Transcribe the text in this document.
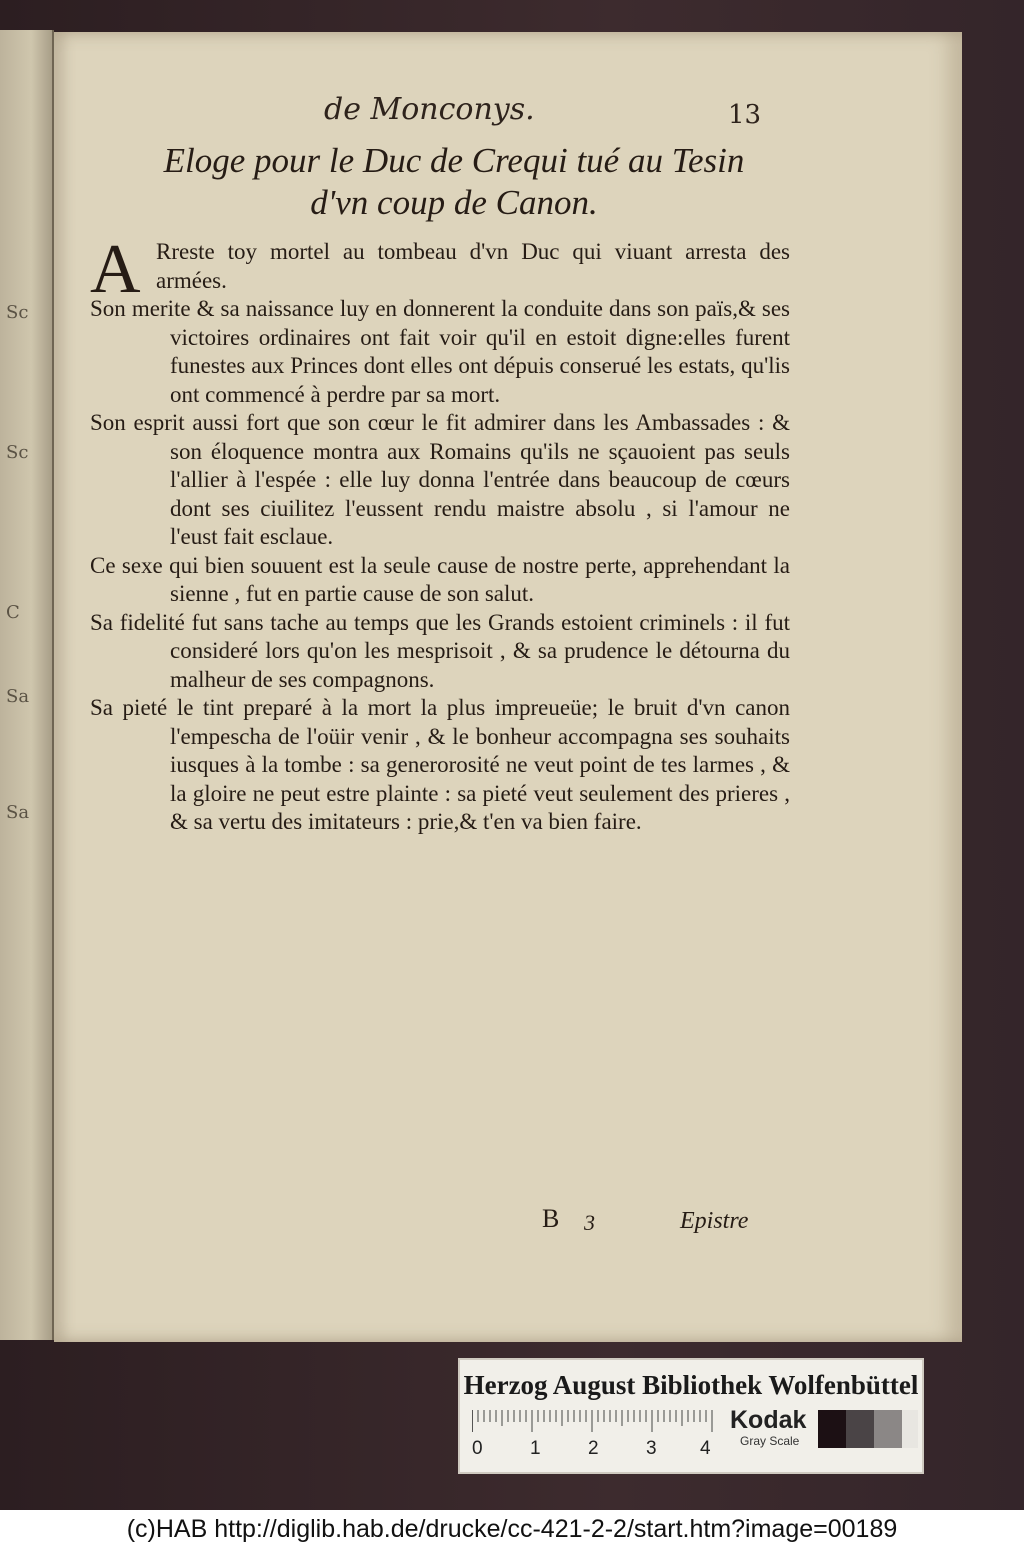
Sc
Sc
C
Sa
Sa
de Monconys.	13
Eloge pour le Duc de Crequi tué au Tesin
d'vn coup de Canon.

A Rreste toy mortel au tombeau d'vn Duc qui viuant arresta des armées.

Son merite & sa naissance luy en donnerent la conduite dans son païs,& ses victoires ordinaires ont fait voir qu'il en estoit digne:elles furent funestes aux Princes dont elles ont dépuis conserué les estats, qu'lis ont commencé à perdre par sa mort.

Son esprit aussi fort que son cœur le fit admirer dans les Ambassades : & son éloquence montra aux Romains qu'ils ne sçauoient pas seuls l'allier à l'espée : elle luy donna l'entrée dans beaucoup de cœurs dont ses ciuilitez l'eussent rendu maistre absolu , si l'amour ne l'eust fait esclaue.

Ce sexe qui bien souuent est la seule cause de nostre perte, apprehendant la sienne , fut en partie cause de son salut.

Sa fidelité fut sans tache au temps que les Grands estoient criminels : il fut consideré lors qu'on les mesprisoit , & sa prudence le détourna du malheur de ses compagnons.

Sa pieté le tint preparé à la mort la plus impreueüe; le bruit d'vn canon l'empescha de l'oüir venir , & le bonheur accompagna ses souhaits iusques à la tombe : sa generorosité ne veut point de tes larmes , & la gloire ne peut estre plainte : sa pieté veut seulement des prieres , & sa vertu des imitateurs : prie,& t'en va bien faire.

B 3	Epistre
Herzog August Bibliothek Wolfenbüttel
0 1 2 3 4
Kodak
Gray Scale
(c)HAB http://diglib.hab.de/drucke/cc-421-2-2/start.htm?image=00189
